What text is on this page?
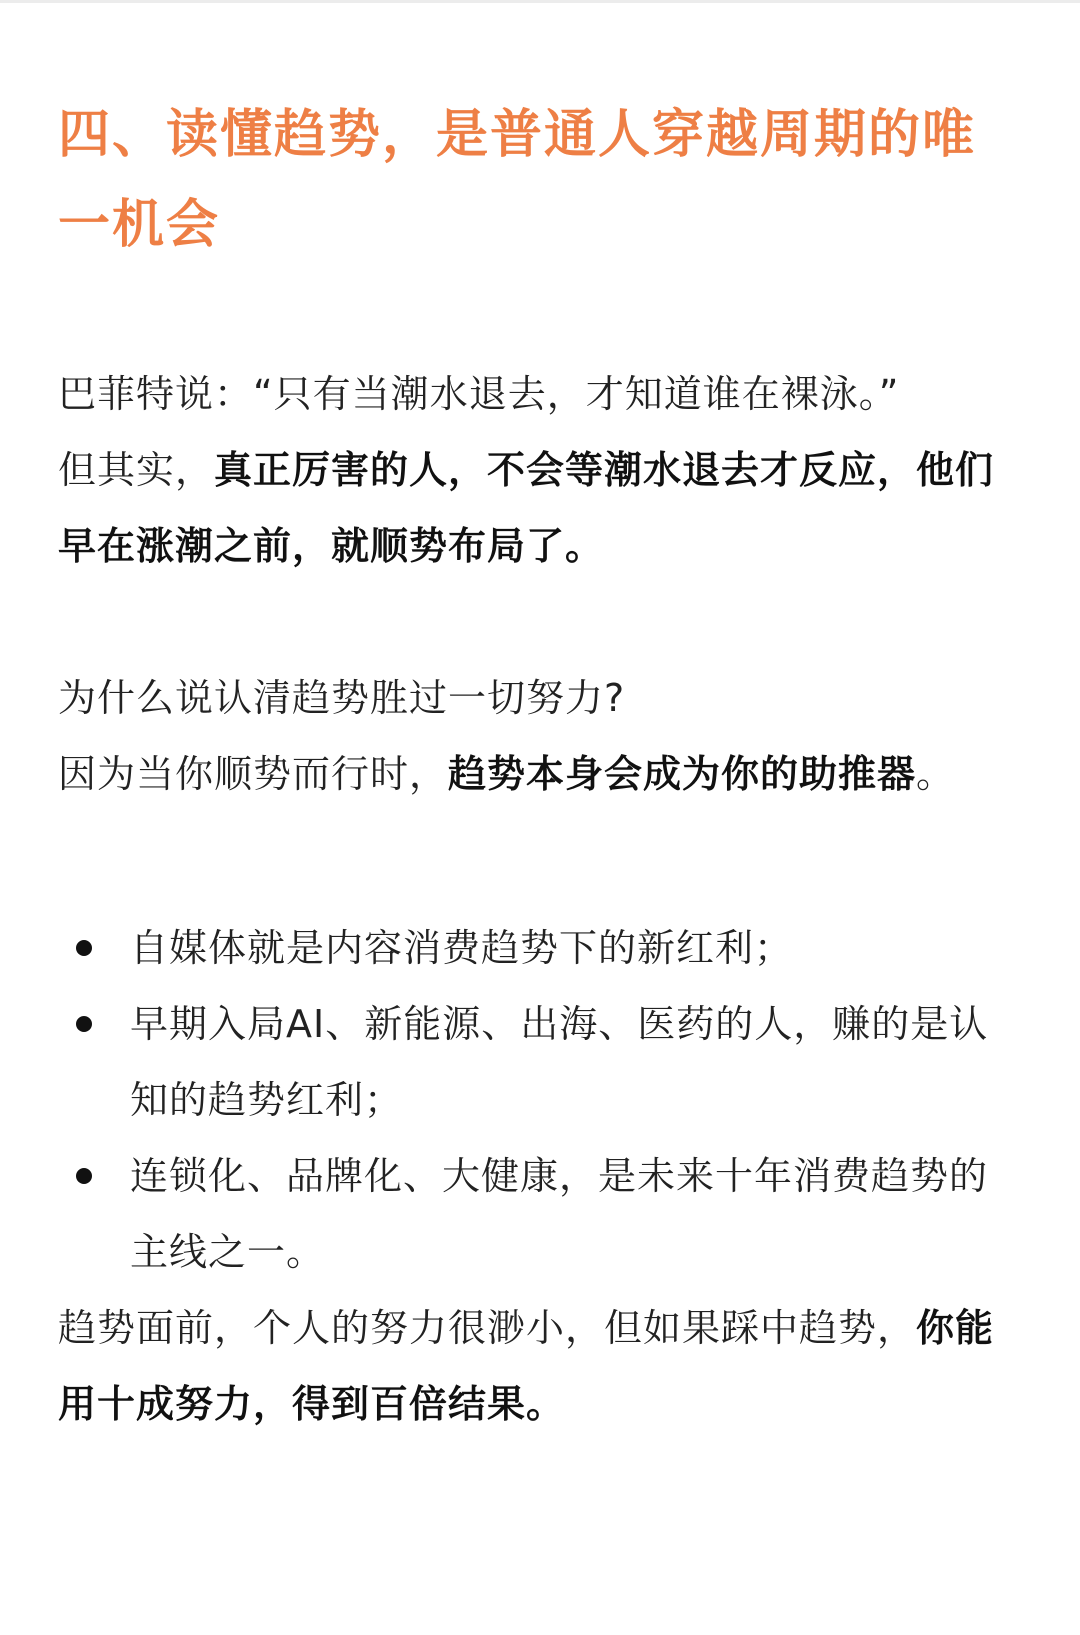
四、读懂趋势，是普通人穿越周期的唯一机会

巴菲特说：“只有当潮水退去，才知道谁在裸泳。”

但其实，真正厉害的人，不会等潮水退去才反应，他们早在涨潮之前，就顺势布局了。

为什么说认清趋势胜过一切努力?

因为当你顺势而行时，趋势本身会成为你的助推器。

自媒体就是内容消费趋势下的新红利；
早期入局AI、新能源、出海、医药的人，赚的是认知的趋势红利；
连锁化、品牌化、大健康，是未来十年消费趋势的主线之一。

趋势面前，个人的努力很渺小，但如果踩中趋势，你能用十成努力，得到百倍结果。
